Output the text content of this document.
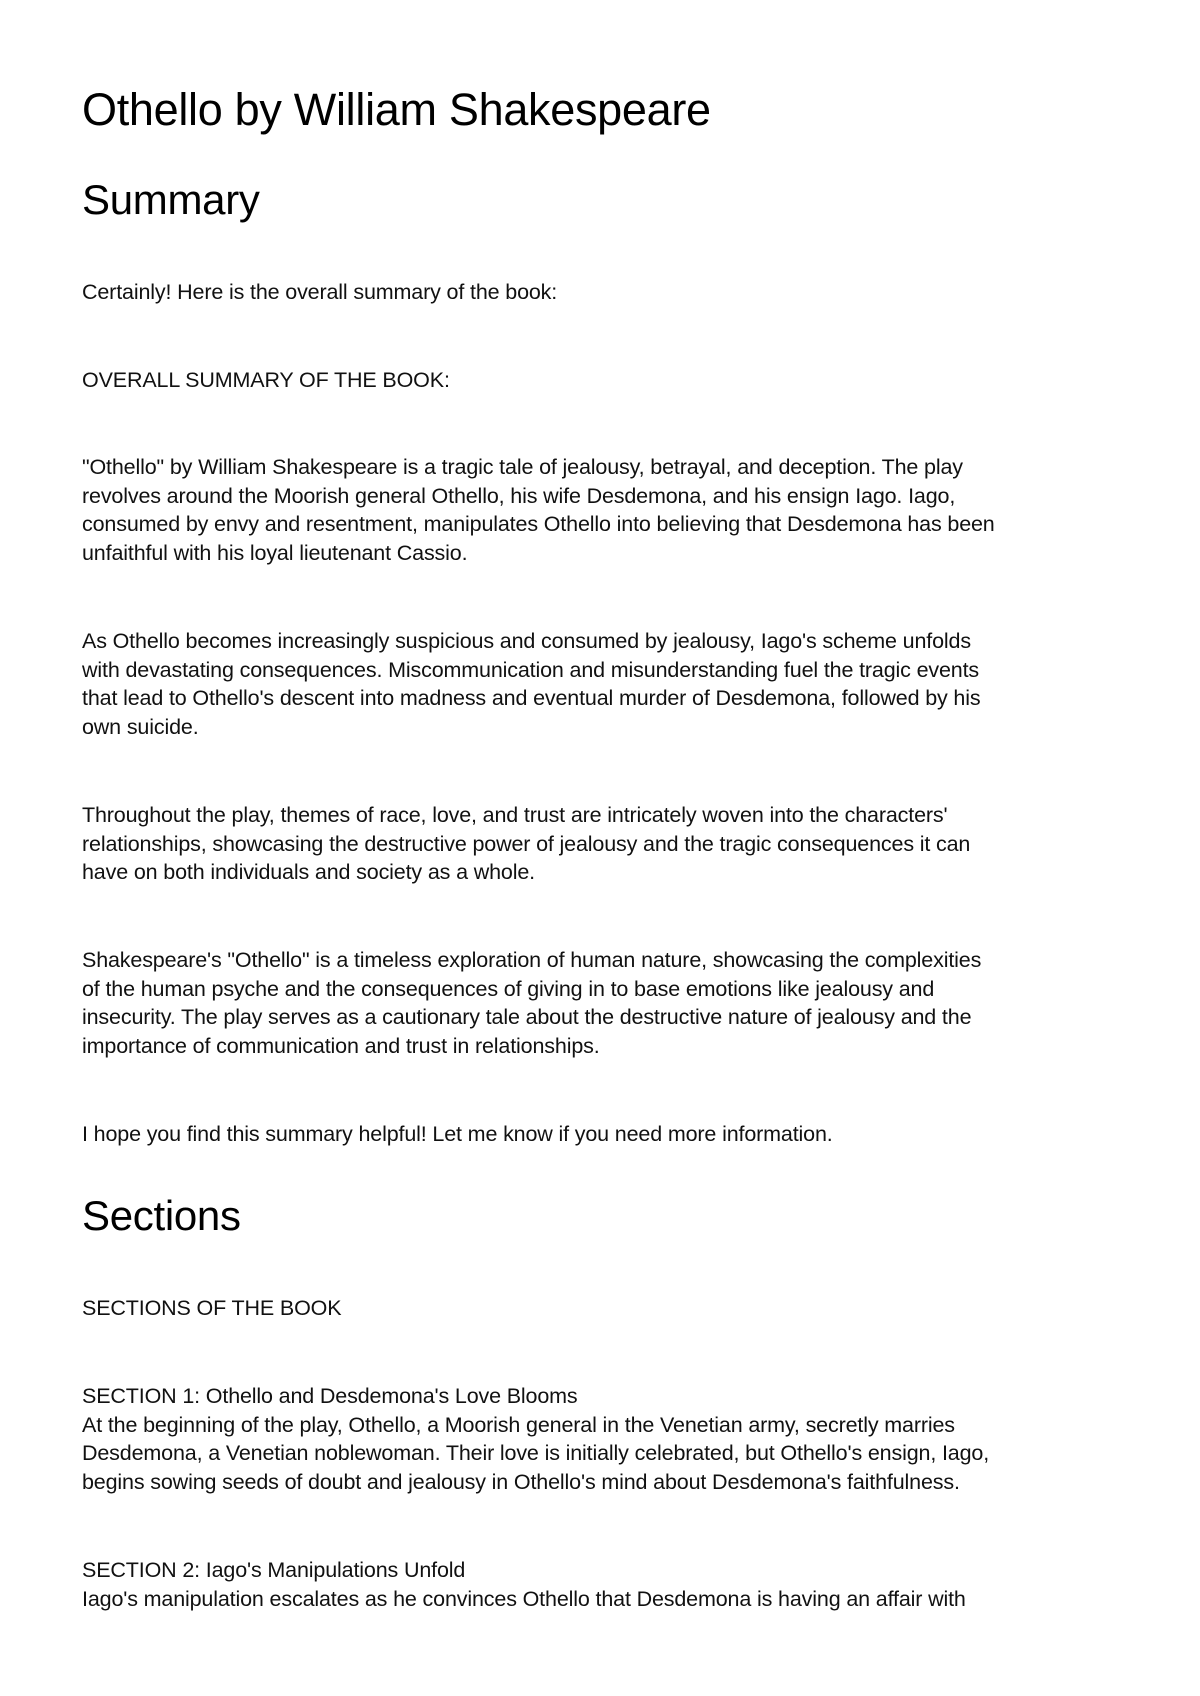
Othello by William Shakespeare
Summary

Certainly! Here is the overall summary of the book:

OVERALL SUMMARY OF THE BOOK:

"Othello" by William Shakespeare is a tragic tale of jealousy, betrayal, and deception. The play
revolves around the Moorish general Othello, his wife Desdemona, and his ensign Iago. Iago,
consumed by envy and resentment, manipulates Othello into believing that Desdemona has been
unfaithful with his loyal lieutenant Cassio.

As Othello becomes increasingly suspicious and consumed by jealousy, Iago's scheme unfolds
with devastating consequences. Miscommunication and misunderstanding fuel the tragic events
that lead to Othello's descent into madness and eventual murder of Desdemona, followed by his
own suicide.

Throughout the play, themes of race, love, and trust are intricately woven into the characters'
relationships, showcasing the destructive power of jealousy and the tragic consequences it can
have on both individuals and society as a whole.

Shakespeare's "Othello" is a timeless exploration of human nature, showcasing the complexities
of the human psyche and the consequences of giving in to base emotions like jealousy and
insecurity. The play serves as a cautionary tale about the destructive nature of jealousy and the
importance of communication and trust in relationships.

I hope you find this summary helpful! Let me know if you need more information.

Sections

SECTIONS OF THE BOOK

SECTION 1: Othello and Desdemona's Love Blooms
At the beginning of the play, Othello, a Moorish general in the Venetian army, secretly marries
Desdemona, a Venetian noblewoman. Their love is initially celebrated, but Othello's ensign, Iago,
begins sowing seeds of doubt and jealousy in Othello's mind about Desdemona's faithfulness.

SECTION 2: Iago's Manipulations Unfold
Iago's manipulation escalates as he convinces Othello that Desdemona is having an affair with
